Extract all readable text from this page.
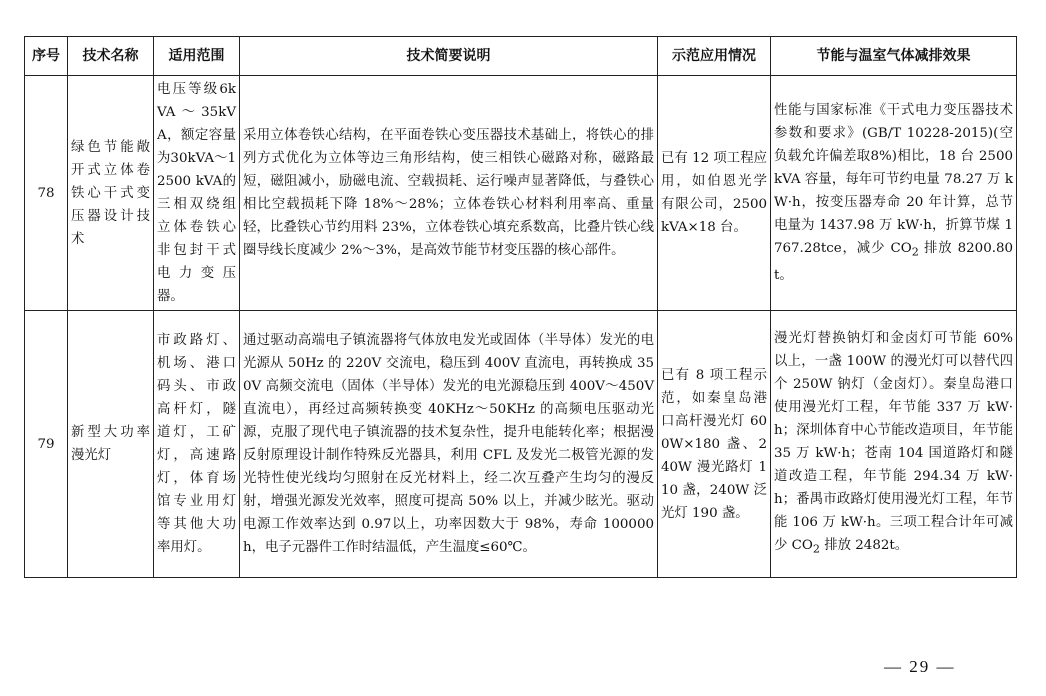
序号	技术名称	适用范围	技术简要说明	示范应用情况	节能与温室气体减排效果
78	绿色节能敞开式立体卷铁心干式变压器设计技术	电压等级6kVA～35kVA，额定容量为30kVA～12500 kVA的三相双绕组立体卷铁心非包封干式电力变压器。	采用立体卷铁心结构，在平面卷铁心变压器技术基础上，将铁心的排列方式优化为立体等边三角形结构，使三相铁心磁路对称，磁路最短，磁阻减小，励磁电流、空载损耗、运行噪声显著降低，与叠铁心相比空载损耗下降 18%～28%；立体卷铁心材料利用率高、重量轻，比叠铁心节约用料 23%，立体卷铁心填充系数高，比叠片铁心线圈导线长度减少 2%～3%，是高效节能节材变压器的核心部件。	已有 12 项工程应用，如伯恩光学有限公司，2500kVA×18 台。	性能与国家标准《干式电力变压器技术参数和要求》(GB/T 10228-2015)(空负载允许偏差取8%)相比，18 台 2500kVA 容量，每年可节约电量 78.27 万 kW·h，按变压器寿命 20 年计算，总节电量为 1437.98 万 kW·h，折算节煤 1767.28tce，减少 $CO_2$ 排放 8200.80t。
79	新型大功率漫光灯	市政路灯、机场、港口码头、市政高杆灯，隧道灯，工矿灯，高速路灯，体育场馆专业用灯等其他大功率用灯。	通过驱动高端电子镇流器将气体放电发光或固体（半导体）发光的电光源从 50Hz 的 220V 交流电，稳压到 400V 直流电，再转换成 350V 高频交流电（固体（半导体）发光的电光源稳压到 400V～450V 直流电），再经过高频转换变 40KHz～50KHz 的高频电压驱动光源，克服了现代电子镇流器的技术复杂性，提升电能转化率；根据漫反射原理设计制作特殊反光器具，利用 CFL 及发光二极管光源的发光特性使光线均匀照射在反光材料上，经二次互叠产生均匀的漫反射，增强光源发光效率，照度可提高 50% 以上，并减少眩光。驱动电源工作效率达到 0.97以上，功率因数大于 98%，寿命 100000h，电子元器件工作时结温低，产生温度≤60℃。	已有 8 项工程示范，如秦皇岛港口高杆漫光灯 600W×180 盏、240W 漫光路灯 110 盏，240W 泛光灯 190 盏。	漫光灯替换钠灯和金卤灯可节能 60% 以上，一盏 100W 的漫光灯可以替代四个 250W 钠灯（金卤灯）。秦皇岛港口使用漫光灯工程，年节能 337 万 kW·h；深圳体育中心节能改造项目，年节能 35 万 kW·h；苍南 104 国道路灯和隧道改造工程，年节能 294.34 万 kW·h；番禺市政路灯使用漫光灯工程，年节能 106 万 kW·h。三项工程合计年可减少 $CO_2$ 排放 2482t。
— 29 —
